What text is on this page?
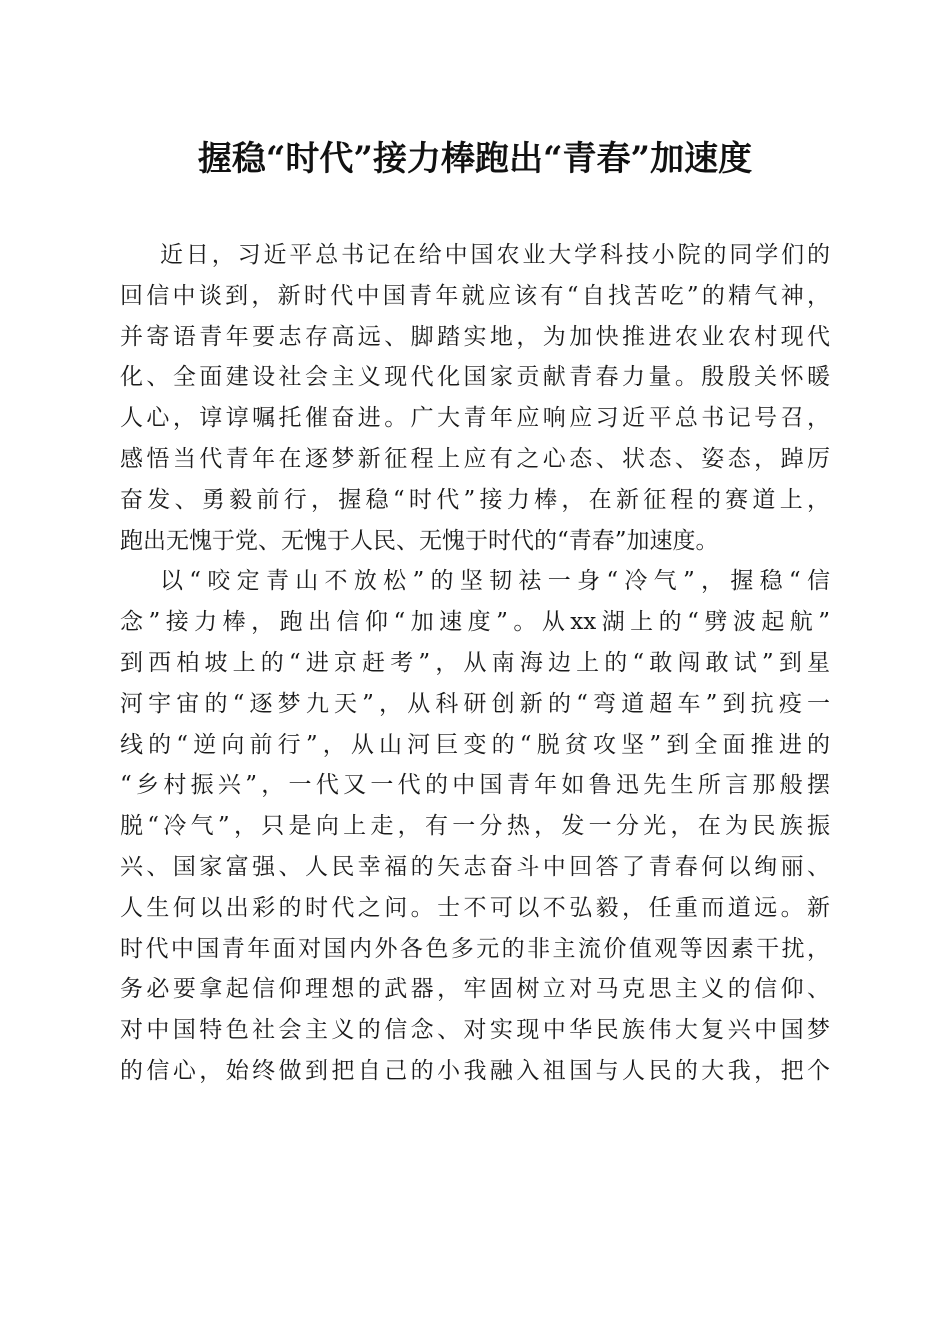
握稳“时代”接力棒跑出“青春”加速度
近日，习近平总书记在给中国农业大学科技小院的同学们的
回信中谈到，新时代中国青年就应该有“自找苦吃”的精气神，
并寄语青年要志存高远、脚踏实地，为加快推进农业农村现代
化、全面建设社会主义现代化国家贡献青春力量。殷殷关怀暖
人心，谆谆嘱托催奋进。广大青年应响应习近平总书记号召，
感悟当代青年在逐梦新征程上应有之心态、状态、姿态，踔厉
奋发、勇毅前行，握稳“时代”接力棒，在新征程的赛道上，
跑出无愧于党、无愧于人民、无愧于时代的“青春”加速度。
以“咬定青山不放松”的坚韧祛一身“冷气”，握稳“信
念”接力棒，跑出信仰“加速度”。从xx湖上的“劈波起航”
到西柏坡上的“进京赶考”，从南海边上的“敢闯敢试”到星
河宇宙的“逐梦九天”，从科研创新的“弯道超车”到抗疫一
线的“逆向前行”，从山河巨变的“脱贫攻坚”到全面推进的
“乡村振兴”，一代又一代的中国青年如鲁迅先生所言那般摆
脱“冷气”，只是向上走，有一分热，发一分光，在为民族振
兴、国家富强、人民幸福的矢志奋斗中回答了青春何以绚丽、
人生何以出彩的时代之问。士不可以不弘毅，任重而道远。新
时代中国青年面对国内外各色多元的非主流价值观等因素干扰，
务必要拿起信仰理想的武器，牢固树立对马克思主义的信仰、
对中国特色社会主义的信念、对实现中华民族伟大复兴中国梦
的信心，始终做到把自己的小我融入祖国与人民的大我，把个
